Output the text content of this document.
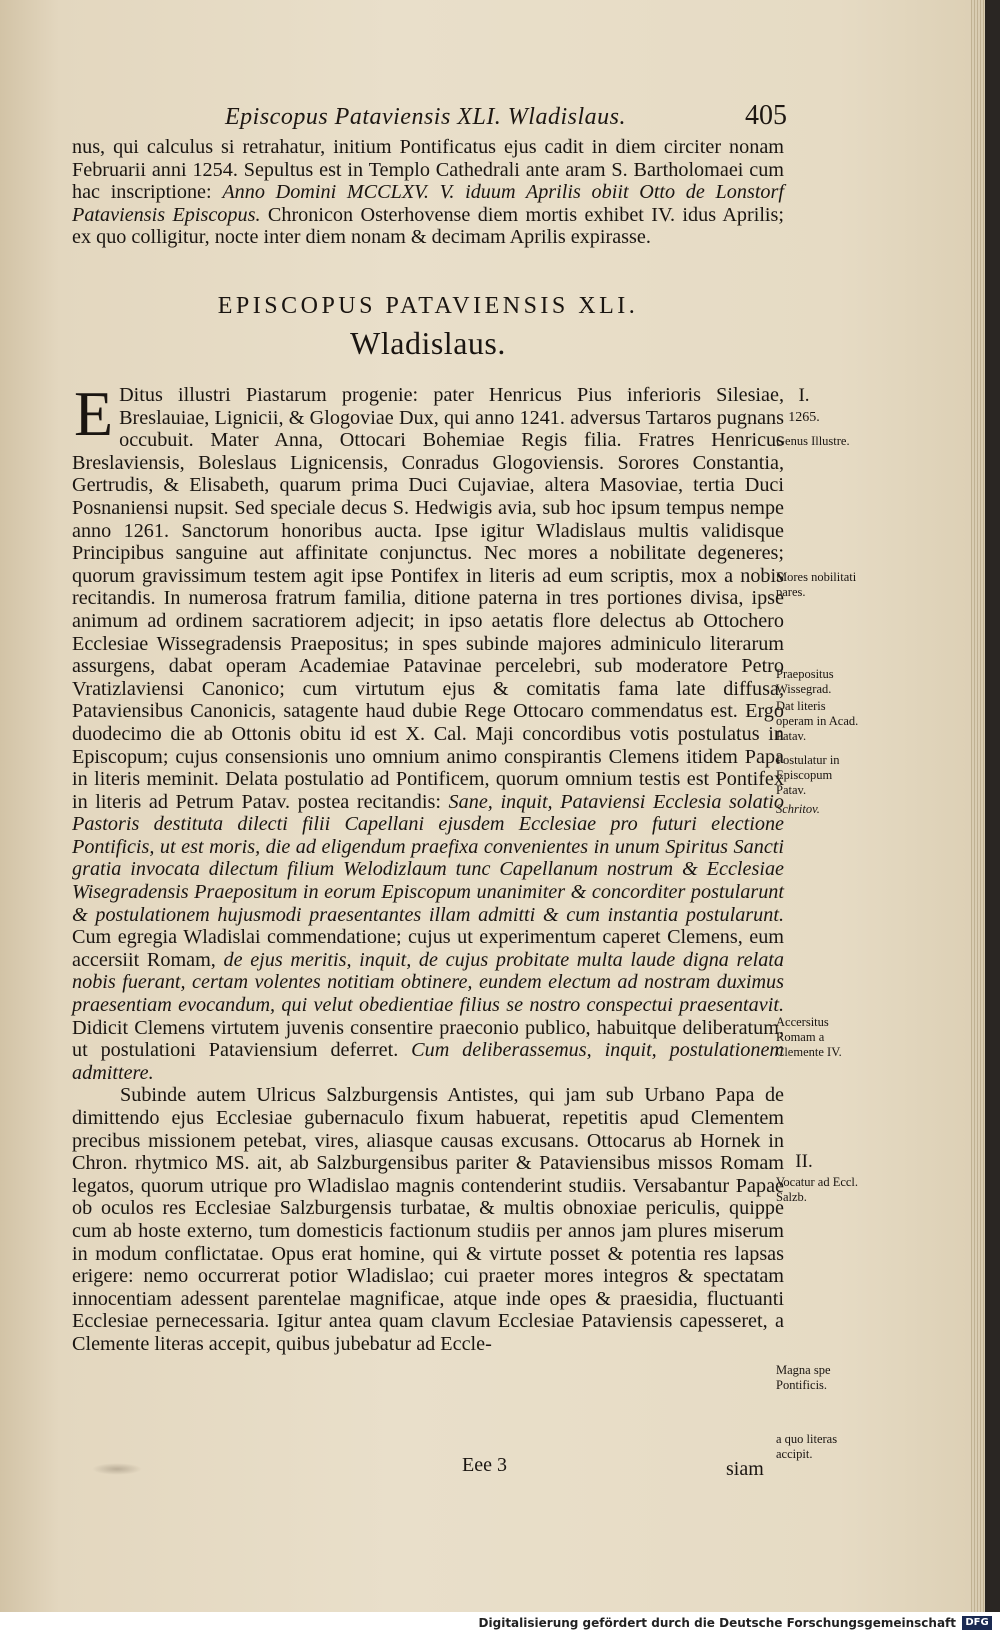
Episcopus Pataviensis XLI. Wladislaus.	405
nus, qui calculus si retrahatur, initium Pontificatus ejus cadit in diem circiter nonam Februarii anni 1254. Sepultus est in Templo Cathedrali ante aram S. Bartholomaei cum hac inscriptione: Anno Domini MCCLXV. V. iduum Aprilis obiit Otto de Lonstorf Pataviensis Episcopus. Chronicon Osterhovense diem mortis exhibet IV. idus Aprilis; ex quo colligitur, nocte inter diem nonam & decimam Aprilis expirasse.
EPISCOPUS PATAVIENSIS XLI.
Wladislaus.

E Ditus illustri Piastarum progenie: pater Henricus Pius inferioris Silesiae, Breslauiae, Lignicii, & Glogoviae Dux, qui anno 1241. adversus Tartaros pugnans occubuit. Mater Anna, Ottocari Bohemiae Regis filia. Fratres Henricus Breslaviensis, Boleslaus Lignicensis, Conradus Glogoviensis. Sorores Constantia, Gertrudis, & Elisabeth, quarum prima Duci Cujaviae, altera Masoviae, tertia Duci Posnaniensi nupsit. Sed speciale decus S. Hedwigis avia, sub hoc ipsum tempus nempe anno 1261. Sanctorum honoribus aucta. Ipse igitur Wladislaus multis validisque Principibus sanguine aut affinitate conjunctus. Nec mores a nobilitate degeneres; quorum gravissimum testem agit ipse Pontifex in literis ad eum scriptis, mox a nobis recitandis. In numerosa fratrum familia, ditione paterna in tres portiones divisa, ipse animum ad ordinem sacratiorem adjecit; in ipso aetatis flore delectus ab Ottochero Ecclesiae Wissegradensis Praepositus; in spes subinde majores adminiculo literarum assurgens, dabat operam Academiae Patavinae percelebri, sub moderatore Petro Vratizlaviensi Canonico; cum virtutum ejus & comitatis fama late diffusa, Pataviensibus Canonicis, satagente haud dubie Rege Ottocaro commendatus est. Ergo duodecimo die ab Ottonis obitu id est X. Cal. Maji concordibus votis postulatus in Episcopum; cujus consensionis uno omnium animo conspirantis Clemens itidem Papa in literis meminit. Delata postulatio ad Pontificem, quorum omnium testis est Pontifex in literis ad Petrum Patav. postea recitandis: Sane, inquit, Pataviensi Ecclesia solatio Pastoris destituta dilecti filii Capellani ejusdem Ecclesiae pro futuri electione Pontificis, ut est moris, die ad eligendum praefixa convenientes in unum Spiritus Sancti gratia invocata dilectum filium Welodizlaum tunc Capellanum nostrum & Ecclesiae Wisegradensis Praepositum in eorum Episcopum unanimiter & concorditer postularunt & postulationem hujusmodi praesentantes illam admitti & cum instantia postularunt. Cum egregia Wladislai commendatione; cujus ut experimentum caperet Clemens, eum accersiit Romam, de ejus meritis, inquit, de cujus probitate multa laude digna relata nobis fuerant, certam volentes notitiam obtinere, eundem electum ad nostram duximus praesentiam evocandum, qui velut obedientiae filius se nostro conspectui praesentavit. Didicit Clemens virtutem juvenis consentire praeconio publico, habuitque deliberatum, ut postulationi Pataviensium deferret. Cum deliberassemus, inquit, postulationem admittere.

Subinde autem Ulricus Salzburgensis Antistes, qui jam sub Urbano Papa de dimittendo ejus Ecclesiae gubernaculo fixum habuerat, repetitis apud Clementem precibus missionem petebat, vires, aliasque causas excusans. Ottocarus ab Hornek in Chron. rhytmico MS. ait, ab Salzburgensibus pariter & Pataviensibus missos Romam legatos, quorum utrique pro Wladislao magnis contenderint studiis. Versabantur Papae ob oculos res Ecclesiae Salzburgensis turbatae, & multis obnoxiae periculis, quippe cum ab hoste externo, tum domesticis factionum studiis per annos jam plures miserum in modum conflictatae. Opus erat homine, qui & virtute posset & potentia res lapsas erigere: nemo occurrerat potior Wladislao; cui praeter mores integros & spectatam innocentiam adessent parentelae magnificae, atque inde opes & praesidia, fluctuanti Ecclesiae pernecessaria. Igitur antea quam clavum Ecclesiae Pataviensis capesseret, a Clemente literas accepit, quibus jubebatur ad Eccle-

I.
1265.
Genus Illustre.
Mores nobilitati pares.
Praepositus Wissegrad.
Dat literis operam in Acad. Patav.
Postulatur in Episcopum Patav.
Schritov.
Accersitus Romam a Clemente IV.
II.
Vocatur ad Eccl. Salzb.
Magna spe Pontificis.
a quo literas accipit.
Eee 3	siam
Digitalisierung gefördert durch die Deutsche Forschungsgemeinschaft DFG
